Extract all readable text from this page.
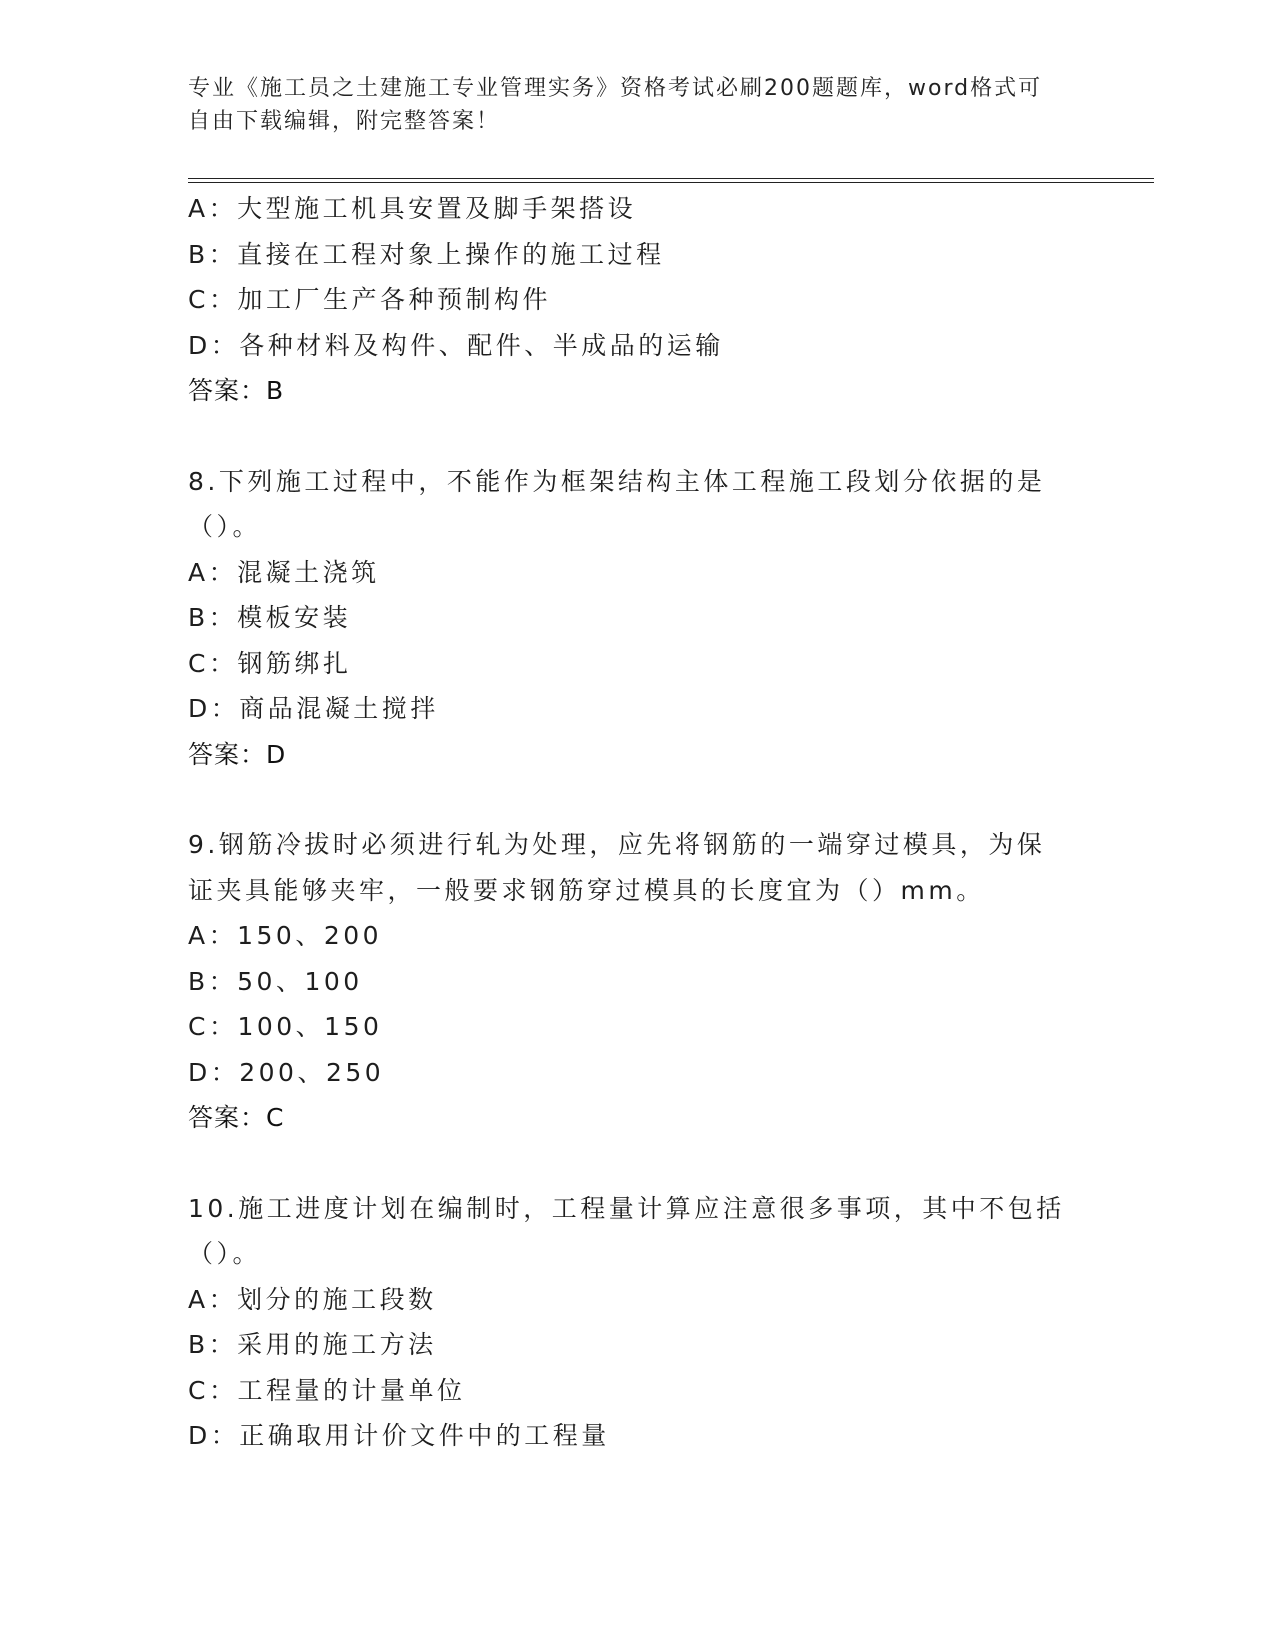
专业《施工员之土建施工专业管理实务》资格考试必刷200题题库，word格式可
自由下载编辑，附完整答案！
A：大型施工机具安置及脚手架搭设
B：直接在工程对象上操作的施工过程
C：加工厂生产各种预制构件
D：各种材料及构件、配件、半成品的运输
答案：B
8.下列施工过程中，不能作为框架结构主体工程施工段划分依据的是
（）。
A：混凝土浇筑
B：模板安装
C：钢筋绑扎
D：商品混凝土搅拌
答案：D
9.钢筋冷拔时必须进行轧为处理，应先将钢筋的一端穿过模具，为保
证夹具能够夹牢，一般要求钢筋穿过模具的长度宜为（）mm。
A：150、200
B：50、100
C：100、150
D：200、250
答案：C
10.施工进度计划在编制时，工程量计算应注意很多事项，其中不包括
（）。
A：划分的施工段数
B：采用的施工方法
C：工程量的计量单位
D：正确取用计价文件中的工程量
